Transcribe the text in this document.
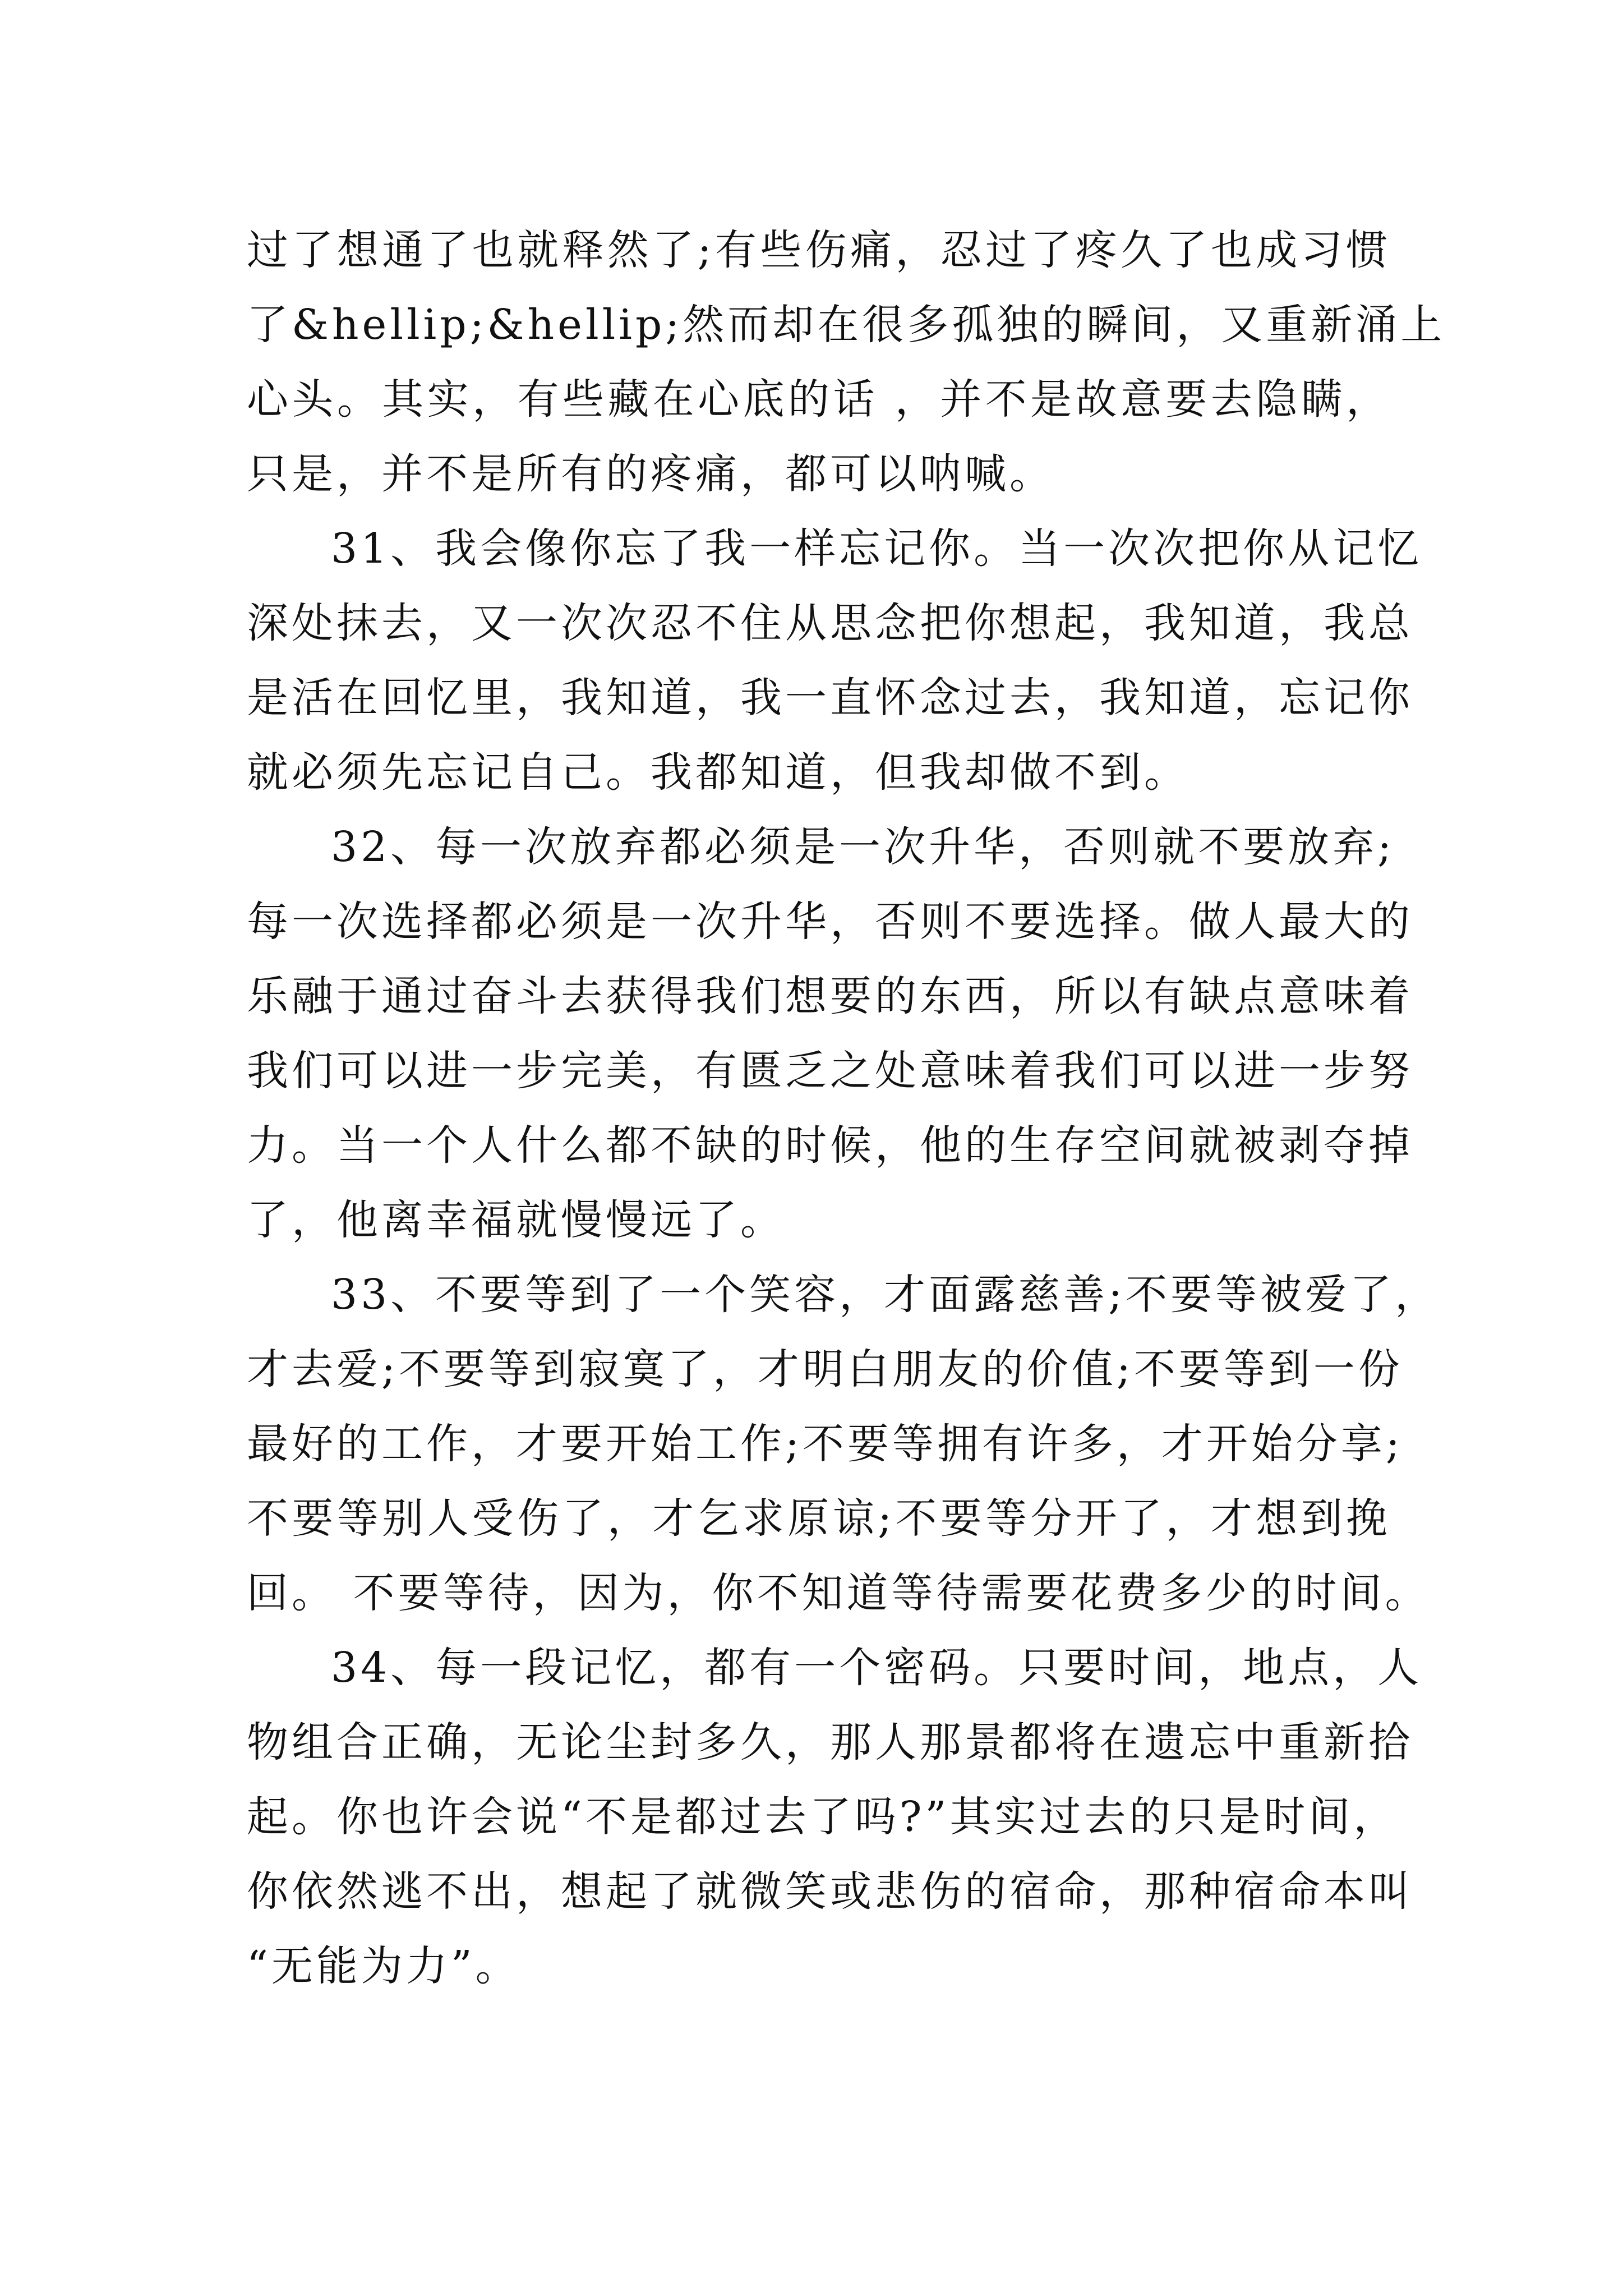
过了想通了也就释然了;有些伤痛，忍过了疼久了也成习惯
了&hellip;&hellip;然而却在很多孤独的瞬间，又重新涌上
心头。其实，有些藏在心底的话 ，并不是故意要去隐瞒，
只是，并不是所有的疼痛，都可以呐喊。
31、我会像你忘了我一样忘记你。当一次次把你从记忆
深处抹去，又一次次忍不住从思念把你想起，我知道，我总
是活在回忆里，我知道，我一直怀念过去，我知道，忘记你
就必须先忘记自己。我都知道，但我却做不到。
32、每一次放弃都必须是一次升华，否则就不要放弃;
每一次选择都必须是一次升华，否则不要选择。做人最大的
乐融于通过奋斗去获得我们想要的东西，所以有缺点意味着
我们可以进一步完美，有匮乏之处意味着我们可以进一步努
力。当一个人什么都不缺的时候，他的生存空间就被剥夺掉
了，他离幸福就慢慢远了。
33、不要等到了一个笑容，才面露慈善;不要等被爱了，
才去爱;不要等到寂寞了，才明白朋友的价值;不要等到一份
最好的工作，才要开始工作;不要等拥有许多，才开始分享;
不要等别人受伤了，才乞求原谅;不要等分开了，才想到挽
回。 不要等待，因为，你不知道等待需要花费多少的时间。
34、每一段记忆，都有一个密码。只要时间，地点，人
物组合正确，无论尘封多久，那人那景都将在遗忘中重新拾
起。你也许会说“不是都过去了吗?”其实过去的只是时间，
你依然逃不出，想起了就微笑或悲伤的宿命，那种宿命本叫
“无能为力”。
